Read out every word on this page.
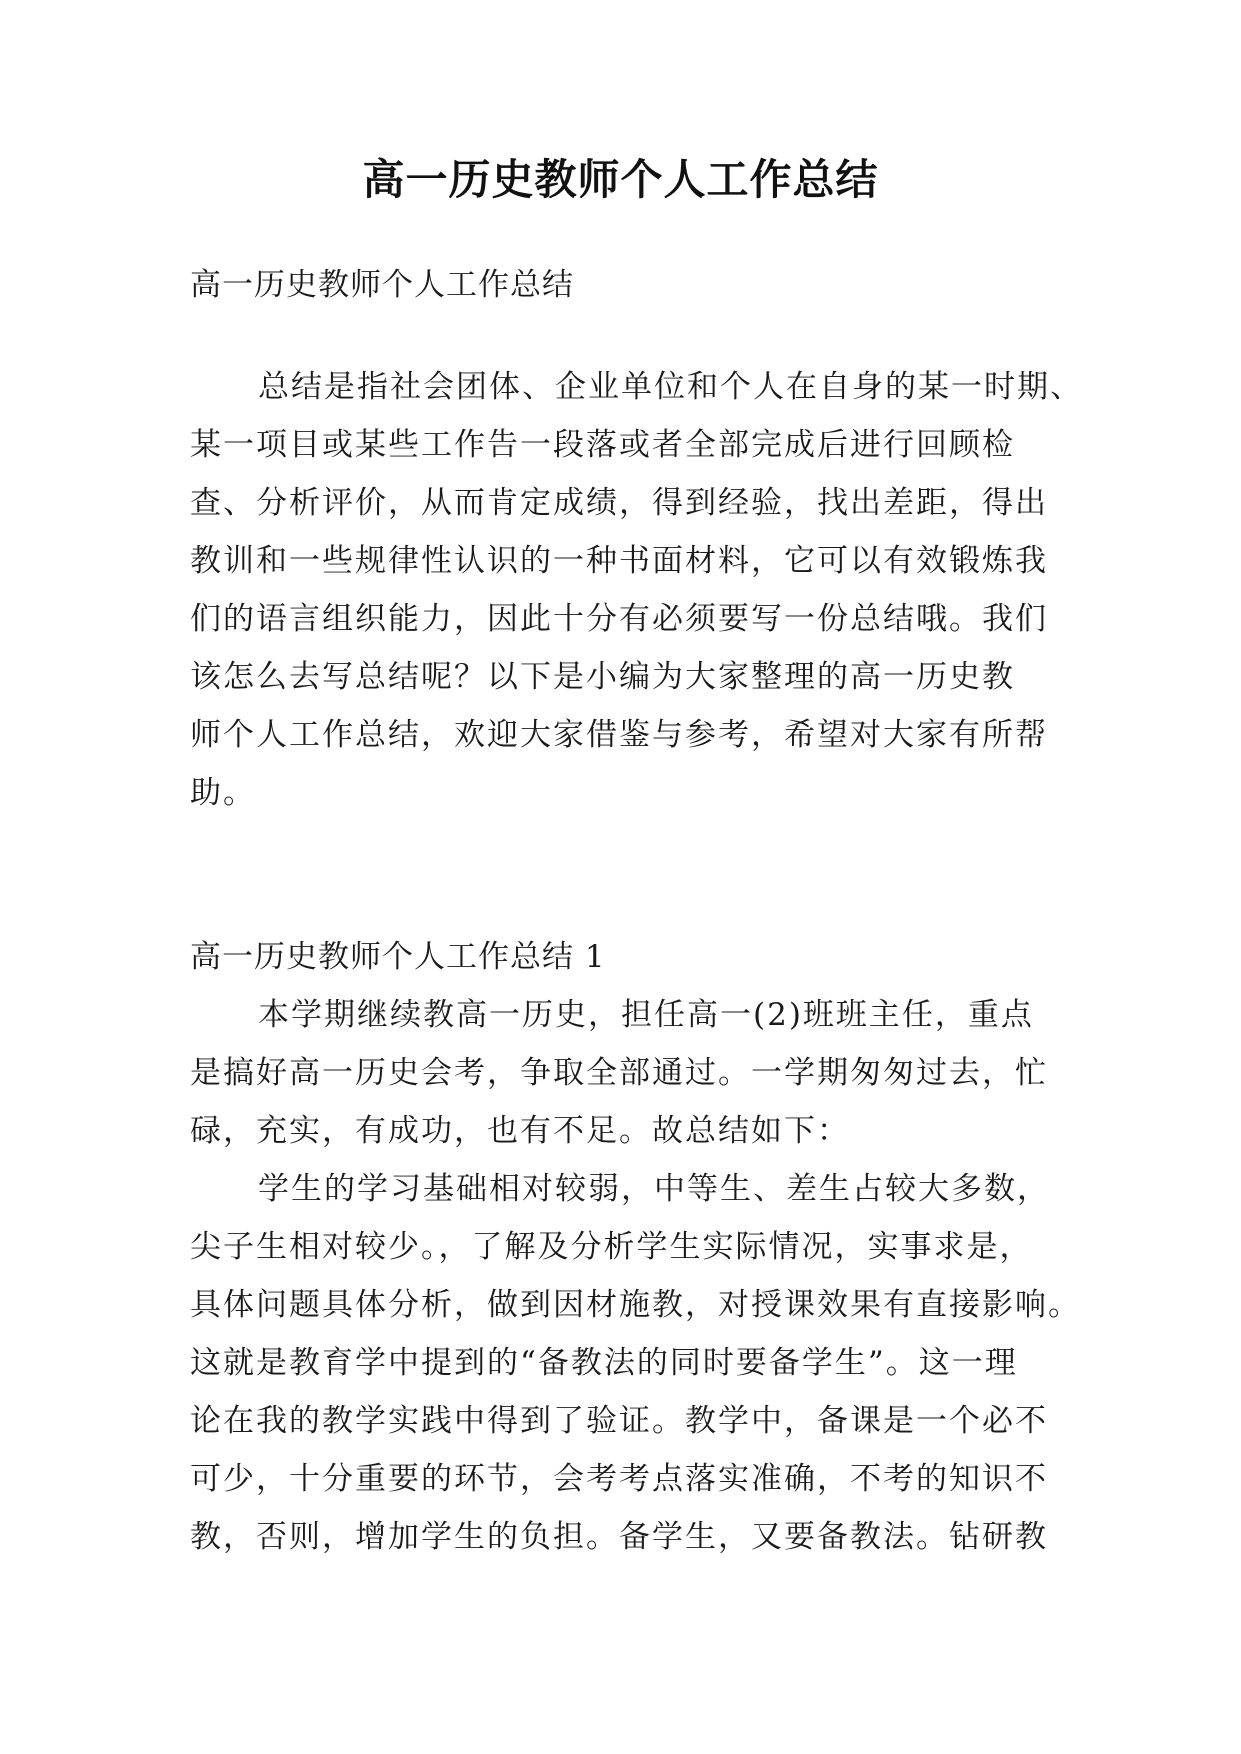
高一历史教师个人工作总结
高一历史教师个人工作总结
总结是指社会团体、企业单位和个人在自身的某一时期、
某一项目或某些工作告一段落或者全部完成后进行回顾检
查、分析评价，从而肯定成绩，得到经验，找出差距，得出
教训和一些规律性认识的一种书面材料，它可以有效锻炼我
们的语言组织能力，因此十分有必须要写一份总结哦。我们
该怎么去写总结呢？以下是小编为大家整理的高一历史教
师个人工作总结，欢迎大家借鉴与参考，希望对大家有所帮
助。
高一历史教师个人工作总结 1
本学期继续教高一历史，担任高一(2)班班主任，重点
是搞好高一历史会考，争取全部通过。一学期匆匆过去，忙
碌，充实，有成功，也有不足。故总结如下：
学生的学习基础相对较弱，中等生、差生占较大多数，
尖子生相对较少。，了解及分析学生实际情况，实事求是，
具体问题具体分析，做到因材施教，对授课效果有直接影响。
这就是教育学中提到的“备教法的同时要备学生”。这一理
论在我的教学实践中得到了验证。教学中，备课是一个必不
可少，十分重要的环节，会考考点落实准确，不考的知识不
教，否则，增加学生的负担。备学生，又要备教法。钻研教
